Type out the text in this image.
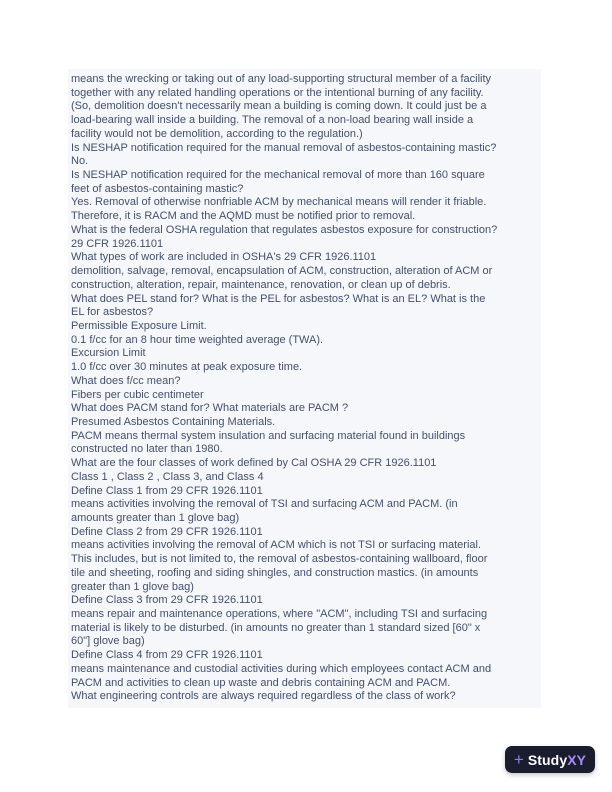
means the wrecking or taking out of any load-supporting structural member of a facility
together with any related handling operations or the intentional burning of any facility.
(So, demolition doesn't necessarily mean a building is coming down. It could just be a
load-bearing wall inside a building. The removal of a non-load bearing wall inside a
facility would not be demolition, according to the regulation.)
Is NESHAP notification required for the manual removal of asbestos-containing mastic?
No.
Is NESHAP notification required for the mechanical removal of more than 160 square
feet of asbestos-containing mastic?
Yes. Removal of otherwise nonfriable ACM by mechanical means will render it friable.
Therefore, it is RACM and the AQMD must be notified prior to removal.
What is the federal OSHA regulation that regulates asbestos exposure for construction?
29 CFR 1926.1101
What types of work are included in OSHA's 29 CFR 1926.1101
demolition, salvage, removal, encapsulation of ACM, construction, alteration of ACM or
construction, alteration, repair, maintenance, renovation, or clean up of debris.
What does PEL stand for? What is the PEL for asbestos? What is an EL? What is the
EL for asbestos?
Permissible Exposure Limit.
0.1 f/cc for an 8 hour time weighted average (TWA).
Excursion Limit
1.0 f/cc over 30 minutes at peak exposure time.
What does f/cc mean?
Fibers per cubic centimeter
What does PACM stand for? What materials are PACM ?
Presumed Asbestos Containing Materials.
PACM means thermal system insulation and surfacing material found in buildings
constructed no later than 1980.
What are the four classes of work defined by Cal OSHA 29 CFR 1926.1101
Class 1 , Class 2 , Class 3, and Class 4
Define Class 1 from 29 CFR 1926.1101
means activities involving the removal of TSI and surfacing ACM and PACM. (in
amounts greater than 1 glove bag)
Define Class 2 from 29 CFR 1926.1101
means activities involving the removal of ACM which is not TSI or surfacing material.
This includes, but is not limited to, the removal of asbestos-containing wallboard, floor
tile and sheeting, roofing and siding shingles, and construction mastics. (in amounts
greater than 1 glove bag)
Define Class 3 from 29 CFR 1926.1101
means repair and maintenance operations, where "ACM", including TSI and surfacing
material is likely to be disturbed. (in amounts no greater than 1 standard sized [60" x
60"] glove bag)
Define Class 4 from 29 CFR 1926.1101
means maintenance and custodial activities during which employees contact ACM and
PACM and activities to clean up waste and debris containing ACM and PACM.
What engineering controls are always required regardless of the class of work?
+ Study XY
